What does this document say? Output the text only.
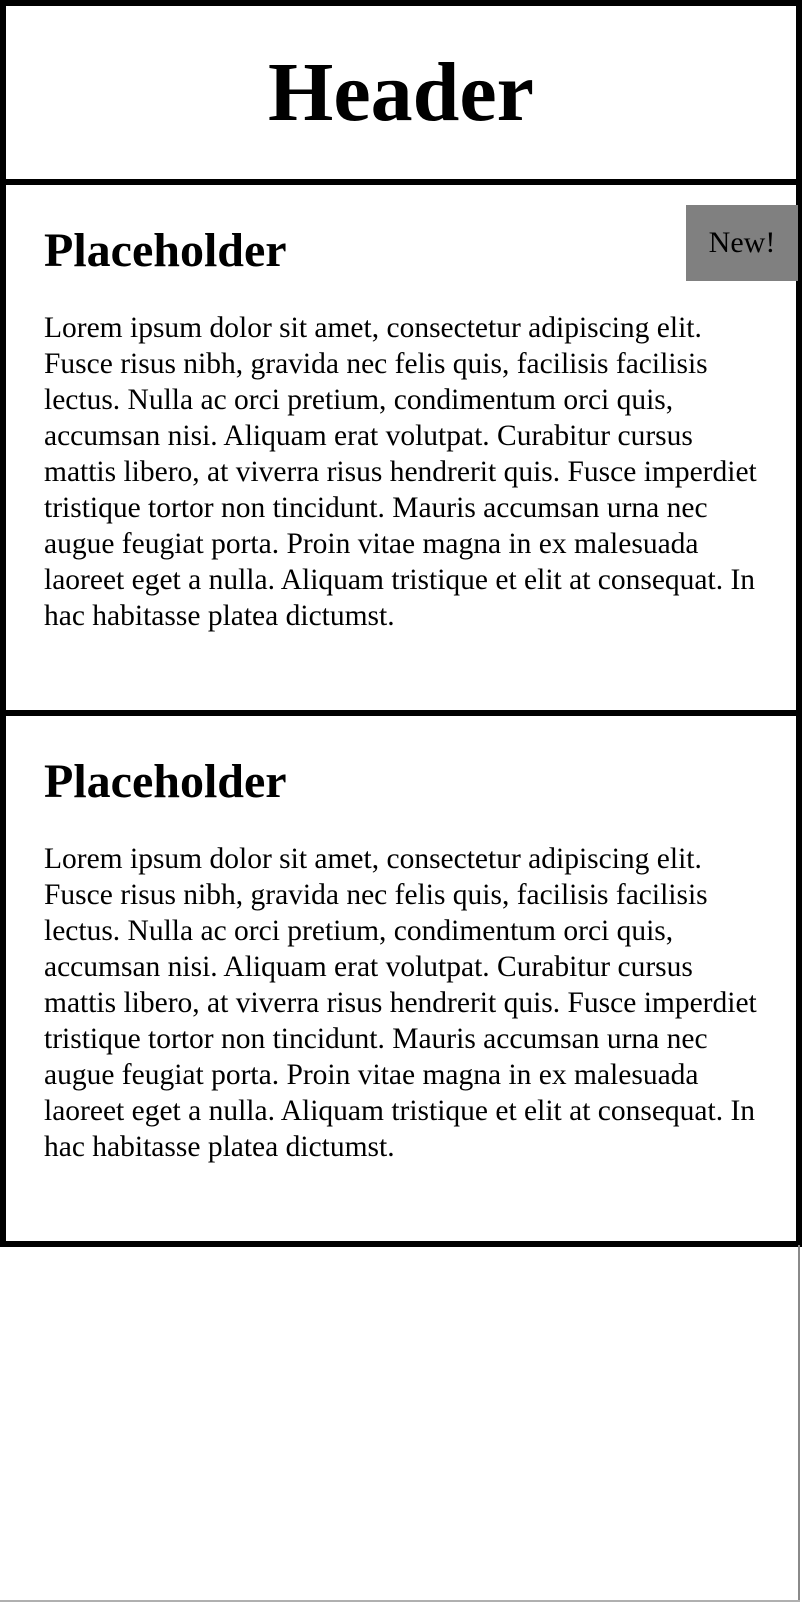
Header
New!
Placeholder

Lorem ipsum dolor sit amet, consectetur adipiscing elit. Fusce risus nibh, gravida nec felis quis, facilisis facilisis lectus. Nulla ac orci pretium, condimentum orci quis, accumsan nisi. Aliquam erat volutpat. Curabitur cursus mattis libero, at viverra risus hendrerit quis. Fusce imperdiet tristique tortor non tincidunt. Mauris accumsan urna nec augue feugiat porta. Proin vitae magna in ex malesuada laoreet eget a nulla. Aliquam tristique et elit at consequat. In hac habitasse platea dictumst.

Placeholder

Lorem ipsum dolor sit amet, consectetur adipiscing elit. Fusce risus nibh, gravida nec felis quis, facilisis facilisis lectus. Nulla ac orci pretium, condimentum orci quis, accumsan nisi. Aliquam erat volutpat. Curabitur cursus mattis libero, at viverra risus hendrerit quis. Fusce imperdiet tristique tortor non tincidunt. Mauris accumsan urna nec augue feugiat porta. Proin vitae magna in ex malesuada laoreet eget a nulla. Aliquam tristique et elit at consequat. In hac habitasse platea dictumst.
